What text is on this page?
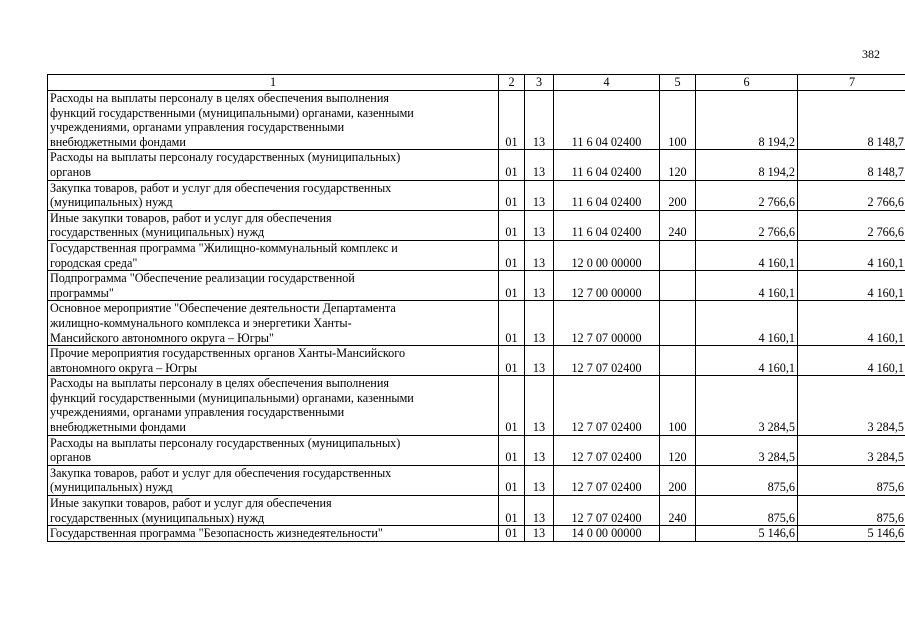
382
1	2	3	4	5	6	7
Расходы на выплаты персоналу в целях обеспечения выполнения
функций государственными (муниципальными) органами, казенными
учреждениями, органами управления государственными
внебюджетными фондами	01	13	11 6 04 02400	100	8 194,2	8 148,7
Расходы на выплаты персоналу государственных (муниципальных)
органов	01	13	11 6 04 02400	120	8 194,2	8 148,7
Закупка товаров, работ и услуг для обеспечения государственных
(муниципальных) нужд	01	13	11 6 04 02400	200	2 766,6	2 766,6
Иные закупки товаров, работ и услуг для обеспечения
государственных (муниципальных) нужд	01	13	11 6 04 02400	240	2 766,6	2 766,6
Государственная программа "Жилищно-коммунальный комплекс и
городская среда"	01	13	12 0 00 00000		4 160,1	4 160,1
Подпрограмма "Обеспечение реализации государственной
программы"	01	13	12 7 00 00000		4 160,1	4 160,1
Основное мероприятие "Обеспечение деятельности Департамента
жилищно-коммунального комплекса и энергетики Ханты-
Мансийского автономного округа – Югры"	01	13	12 7 07 00000		4 160,1	4 160,1
Прочие мероприятия государственных органов Ханты-Мансийского
автономного округа – Югры	01	13	12 7 07 02400		4 160,1	4 160,1
Расходы на выплаты персоналу в целях обеспечения выполнения
функций государственными (муниципальными) органами, казенными
учреждениями, органами управления государственными
внебюджетными фондами	01	13	12 7 07 02400	100	3 284,5	3 284,5
Расходы на выплаты персоналу государственных (муниципальных)
органов	01	13	12 7 07 02400	120	3 284,5	3 284,5
Закупка товаров, работ и услуг для обеспечения государственных
(муниципальных) нужд	01	13	12 7 07 02400	200	875,6	875,6
Иные закупки товаров, работ и услуг для обеспечения
государственных (муниципальных) нужд	01	13	12 7 07 02400	240	875,6	875,6
Государственная программа "Безопасность жизнедеятельности"	01	13	14 0 00 00000		5 146,6	5 146,6
